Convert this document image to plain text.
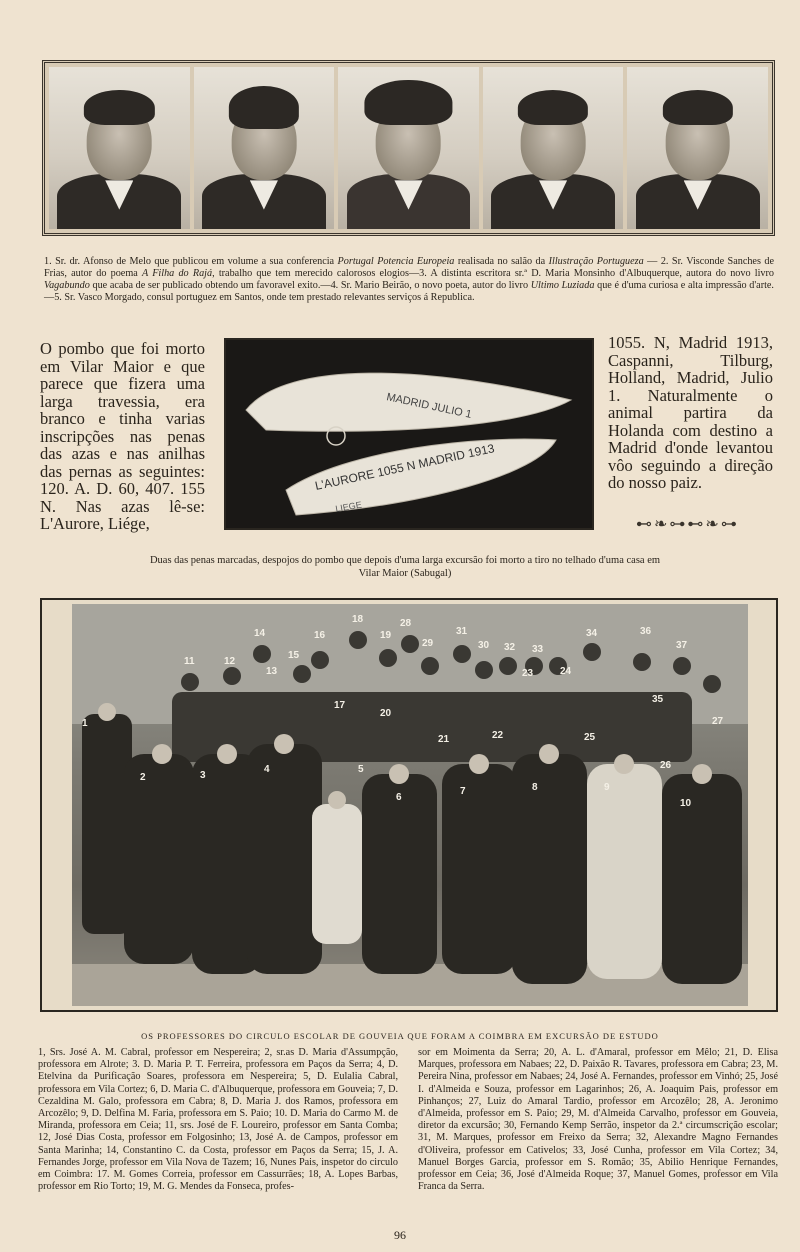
1. Sr. dr. Afonso de Melo que publicou em volume a sua conferencia Portugal Potencia Europeia realisada no salão da Illustração Portugueza — 2. Sr. Visconde Sanches de Frias, autor do poema A Filha do Rajá, trabalho que tem merecido calorosos elogios—3. A distinta escritora sr.ª D. Maria Monsinho d'Albuquerque, autora do novo livro Vagabundo que acaba de ser publicado obtendo um favoravel exito.—4. Sr. Mario Beirão, o novo poeta, autor do livro Ultimo Luziada que é d'uma curiosa e alta impressão d'arte.—5. Sr. Vasco Morgado, consul portuguez em Santos, onde tem prestado relevantes serviços á Republica.
O pombo que foi morto em Vilar Maior e que parece que fizera uma larga travessia, era branco e tinha varias inscripções nas penas das azas e nas anilhas das pernas as seguintes: 120. A. D. 60, 407. 155 N. Nas azas lê-se: L'Aurore, Liége,
MADRID JULIO 1
L'AURORE 1055 N MADRID 1913
LIEGE
1055. N, Madrid 1913, Caspanni, Tilburg, Holland, Madrid, Julio 1. Naturalmente o animal partira da Holanda com destino a Madrid d'onde levantou vôo seguindo a direção do nosso paiz.
⊷❧⊶⊷❧⊶
Duas das penas marcadas, despojos do pombo que depois d'uma larga excursão foi morto a tiro no telhado d'uma casa em Vilar Maior (Sabugal)
1
2	3
4	5
6
7	8	9
10
11	12
13
14
15
16
17
18
19
20
21	22
23	24
25
26
27
28
29	30
31
32 33
34
35
36
37
OS PROFESSORES DO CIRCULO ESCOLAR DE GOUVEIA QUE FORAM A COIMBRA EM EXCURSÃO DE ESTUDO
1, Srs. José A. M. Cabral, professor em Nespereira; 2, sr.as D. Maria d'Assumpção, professora em Alrote; 3. D. Maria P. T. Ferreira, professora em Paços da Serra; 4, D. Etelvina da Purificação Soares, professora em Nespereira; 5, D. Eulalia Cabral, professora em Vila Cortez; 6, D. Maria C. d'Albuquerque, professora em Gouveia; 7, D. Cezaldina M. Galo, professora em Cabra; 8, D. Maria J. dos Ramos, professora em Arcozêlo; 9, D. Delfina M. Faria, professora em S. Paio; 10. D. Maria do Carmo M. de Miranda, professora em Ceia; 11, srs. José de F. Loureiro, professor em Santa Comba; 12, José Dias Costa, professor em Folgosinho; 13, José A. de Campos, professor em Santa Marinha; 14, Constantino C. da Costa, professor em Paços da Serra; 15, J. A. Fernandes Jorge, professor em Vila Nova de Tazem; 16, Nunes Pais, inspetor do circulo em Coimbra: 17. M. Gomes Correia, professor em Cassurrães; 18, A. Lopes Barbas, professor em Rio Torto; 19, M. G. Mendes da Fonseca, profes-
sor em Moimenta da Serra; 20, A. L. d'Amaral, professor em Mêlo; 21, D. Elisa Marques, professora em Nabaes; 22, D. Paixão R. Tavares, professora em Cabra; 23, M. Pereira Nina, professor em Nabaes; 24, José A. Fernandes, professor em Vinhó; 25, José I. d'Almeida e Souza, professor em Lagarinhos; 26, A. Joaquim Pais, professor em Pinhanços; 27, Luiz do Amaral Tardio, professor em Arcozêlo; 28, A. Jeronimo d'Almeida, professor em S. Paio; 29, M. d'Almeida Carvalho, professor em Gouveia, diretor da excursão; 30, Fernando Kemp Serrão, inspetor da 2.ª circumscrição escolar; 31, M. Marques, professor em Freixo da Serra; 32, Alexandre Magno Fernandes d'Oliveira, professor em Cativelos; 33, José Cunha, professor em Vila Cortez; 34, Manuel Borges Garcia, professor em S. Romão; 35, Abilio Henrique Fernandes, professor em Ceia; 36, José d'Almeida Roque; 37, Manuel Gomes, professor em Vila Franca da Serra.
96
